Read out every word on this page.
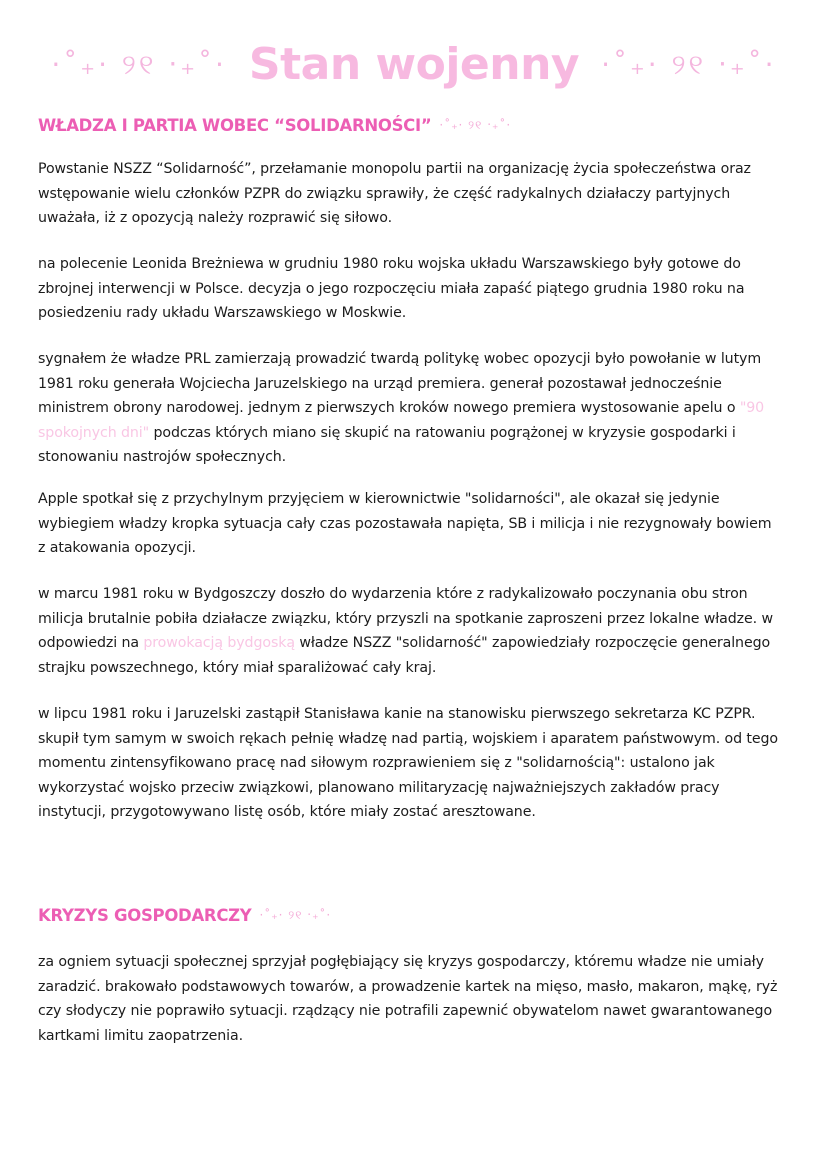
·˚₊· ୨୧ ‧₊˚· Stan wojenny ·˚₊· ୨୧ ‧₊˚·
WŁADZA I PARTIA WOBEC “SOLIDARNOŚCI” ·˚₊· ୨୧ ‧₊˚·

Powstanie NSZZ “Solidarność”, przełamanie monopolu partii na organizację życia społeczeństwa oraz wstępowanie wielu członków PZPR do związku sprawiły, że część radykalnych działaczy partyjnych uważała, iż z opozycją należy rozprawić się siłowo.

na polecenie Leonida Breżniewa w grudniu 1980 roku wojska układu Warszawskiego były gotowe do zbrojnej interwencji w Polsce. decyzja o jego rozpoczęciu miała zapaść piątego grudnia 1980 roku na posiedzeniu rady układu Warszawskiego w Moskwie.

sygnałem że władze PRL zamierzają prowadzić twardą politykę wobec opozycji było powołanie w lutym 1981 roku generała Wojciecha Jaruzelskiego na urząd premiera. generał pozostawał jednocześnie ministrem obrony narodowej. jednym z pierwszych kroków nowego premiera wystosowanie apelu o "90 spokojnych dni" podczas których miano się skupić na ratowaniu pogrążonej w kryzysie gospodarki i stonowaniu nastrojów społecznych.

Apple spotkał się z przychylnym przyjęciem w kierownictwie "solidarności", ale okazał się jedynie wybiegiem władzy kropka sytuacja cały czas pozostawała napięta, SB i milicja i nie rezygnowały bowiem z atakowania opozycji.

w marcu 1981 roku w Bydgoszczy doszło do wydarzenia które z radykalizowało poczynania obu stron milicja brutalnie pobiła działacze związku, który przyszli na spotkanie zaproszeni przez lokalne władze. w odpowiedzi na prowokacją bydgoską władze NSZZ "solidarność" zapowiedziały rozpoczęcie generalnego strajku powszechnego, który miał sparaliżować cały kraj.

w lipcu 1981 roku i Jaruzelski zastąpił Stanisława kanie na stanowisku pierwszego sekretarza KC PZPR. skupił tym samym w swoich rękach pełnię władzę nad partią, wojskiem i aparatem państwowym. od tego momentu zintensyfikowano pracę nad siłowym rozprawieniem się z "solidarnością": ustalono jak wykorzystać wojsko przeciw związkowi, planowano militaryzację najważniejszych zakładów pracy instytucji, przygotowywano listę osób, które miały zostać aresztowane.

KRYZYS GOSPODARCZY ·˚₊· ୨୧ ‧₊˚·

za ogniem sytuacji społecznej sprzyjał pogłębiający się kryzys gospodarczy, któremu władze nie umiały zaradzić. brakowało podstawowych towarów, a prowadzenie kartek na mięso, masło, makaron, mąkę, ryż czy słodyczy nie poprawiło sytuacji. rządzący nie potrafili zapewnić obywatelom nawet gwarantowanego kartkami limitu zaopatrzenia.
